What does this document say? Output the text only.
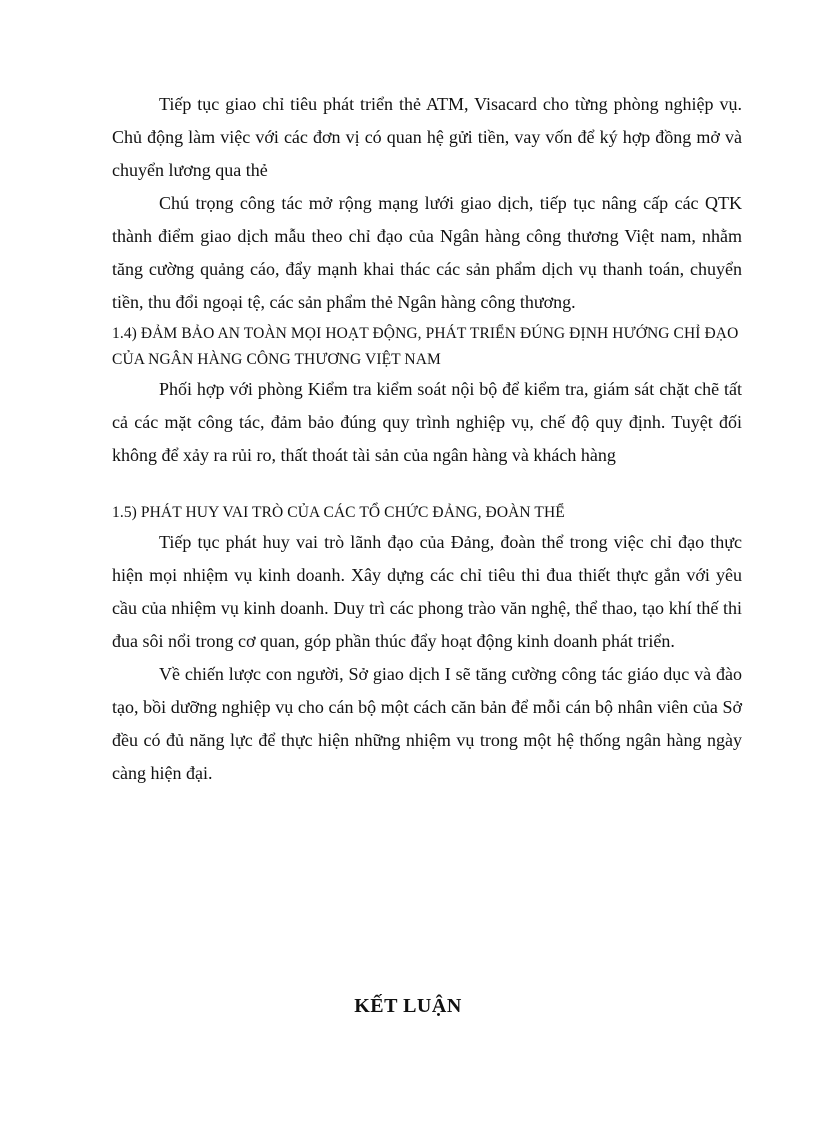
Tiếp tục giao chỉ tiêu phát triển thẻ ATM, Visacard cho từng phòng nghiệp vụ. Chủ động làm việc với các đơn vị có quan hệ gửi tiền, vay vốn để ký hợp đồng mở và chuyển lương qua thẻ

Chú trọng công tác mở rộng mạng lưới giao dịch, tiếp tục nâng cấp các QTK thành điểm giao dịch mẫu theo chỉ đạo của Ngân hàng công thương Việt nam, nhằm tăng cường quảng cáo, đẩy mạnh khai thác các sản phẩm dịch vụ thanh toán, chuyển tiền, thu đổi ngoại tệ, các sản phẩm thẻ Ngân hàng công thương.

1.4) ĐẢM BẢO AN TOÀN MỌI HOẠT ĐỘNG, PHÁT TRIỂN ĐÚNG ĐỊNH HƯỚNG CHỈ ĐẠO CỦA NGÂN HÀNG CÔNG THƯƠNG VIỆT NAM

Phối hợp với phòng Kiểm tra kiểm soát nội bộ để kiểm tra, giám sát chặt chẽ tất cả các mặt công tác, đảm bảo đúng quy trình nghiệp vụ, chế độ quy định. Tuyệt đối không để xảy ra rủi ro, thất thoát tài sản của ngân hàng và khách hàng

1.5) PHÁT HUY VAI TRÒ CỦA CÁC TỔ CHỨC ĐẢNG, ĐOÀN THỂ

Tiếp tục phát huy vai trò lãnh đạo của Đảng, đoàn thể trong việc chỉ đạo thực hiện mọi nhiệm vụ kinh doanh. Xây dựng các chỉ tiêu thi đua thiết thực gắn với yêu cầu của nhiệm vụ kinh doanh. Duy trì các phong trào văn nghệ, thể thao, tạo khí thế thi đua sôi nổi trong cơ quan, góp phần thúc đẩy hoạt động kinh doanh phát triển.

Về chiến lược con người, Sở giao dịch I sẽ tăng cường công tác giáo dục và đào tạo, bồi dưỡng nghiệp vụ cho cán bộ một cách căn bản để mỗi cán bộ nhân viên của Sở đều có đủ năng lực để thực hiện những nhiệm vụ trong một hệ thống ngân hàng ngày càng hiện đại.

KẾT LUẬN
